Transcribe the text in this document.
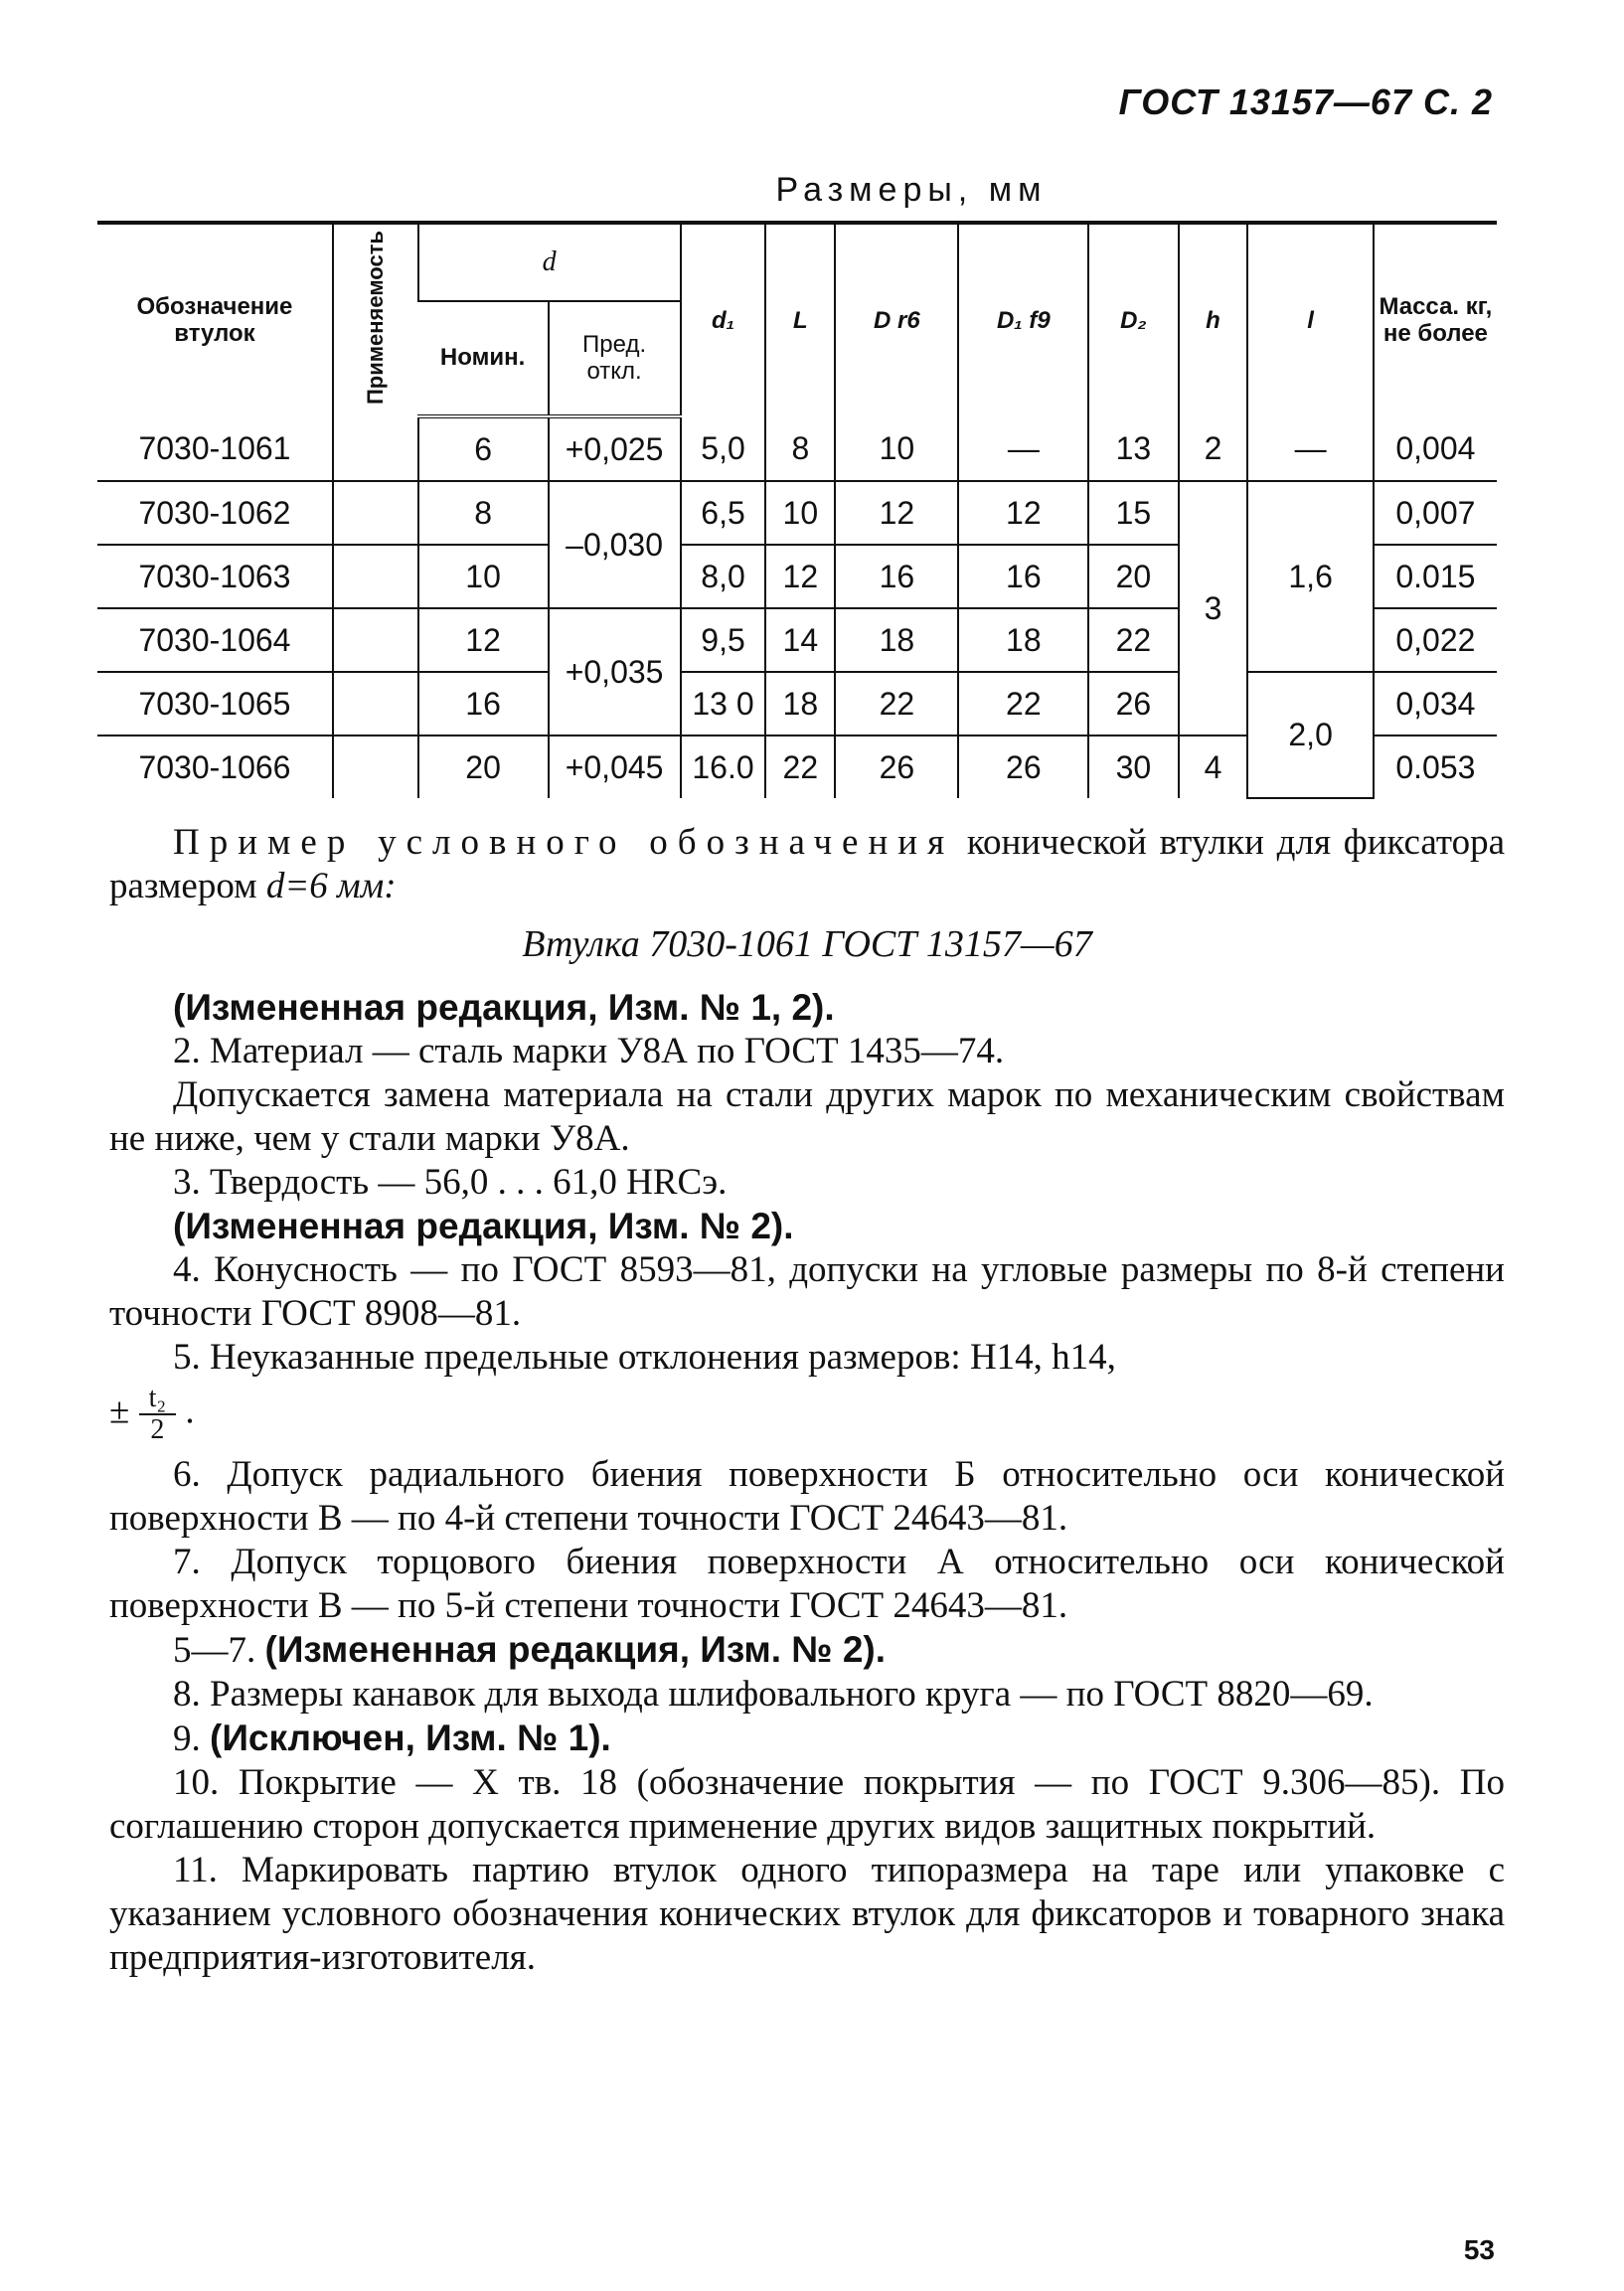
ГОСТ 13157—67 С. 2
Размеры, мм
Обозначение втулок	Применяемость	d		d₁	L	D r6	D₁ f9	D₂	h	l	Масса. кг, не более
		Номин.	Пред. откл.								
7030-1061		6	+0,025	5,0	8	10	—	13	2	—	0,004
7030-1062		8	–0,030	6,5	10	12	12	15	3	1,6	0,007
7030-1063		10		8,0	12	16	16	20			0.015
7030-1064		12	+0,035	9,5	14	18	18	22			0,022
7030-1065		16		13 0	18	22	22	26		2,0	0,034
7030-1066		20	+0,045	16.0	22	26	26	30	4		0.053

Пример условного обозначения конической втулки для фиксатора размером d=6 мм:

Втулка 7030-1061 ГОСТ 13157—67

(Измененная редакция, Изм. № 1, 2).

2. Материал — сталь марки У8А по ГОСТ 1435—74.

Допускается замена материала на стали других марок по механическим свойствам не ниже, чем у стали марки У8А.

3. Твердость — 56,0 . . . 61,0 HRCэ.

(Измененная редакция, Изм. № 2).

4. Конусность — по ГОСТ 8593—81, допуски на угловые размеры по 8-й степени точности ГОСТ 8908—81.

5. Неуказанные предельные отклонения размеров: H14, h14,

± $\frac{\text{t₂}}{2}$ .

6. Допуск радиального биения поверхности Б относительно оси конической поверхности В — по 4-й степени точности ГОСТ 24643—81.

7. Допуск торцового биения поверхности А относительно оси конической поверхности В — по 5-й степени точности ГОСТ 24643—81.

5—7. (Измененная редакция, Изм. № 2).

8. Размеры канавок для выхода шлифовального круга — по ГОСТ 8820—69.

9. (Исключен, Изм. № 1).

10. Покрытие — Х тв. 18 (обозначение покрытия — по ГОСТ 9.306—85). По соглашению сторон допускается применение других видов защитных покрытий.

11. Маркировать партию втулок одного типоразмера на таре или упаковке с указанием условного обозначения конических втулок для фиксаторов и товарного знака предприятия-изготовителя.

53
